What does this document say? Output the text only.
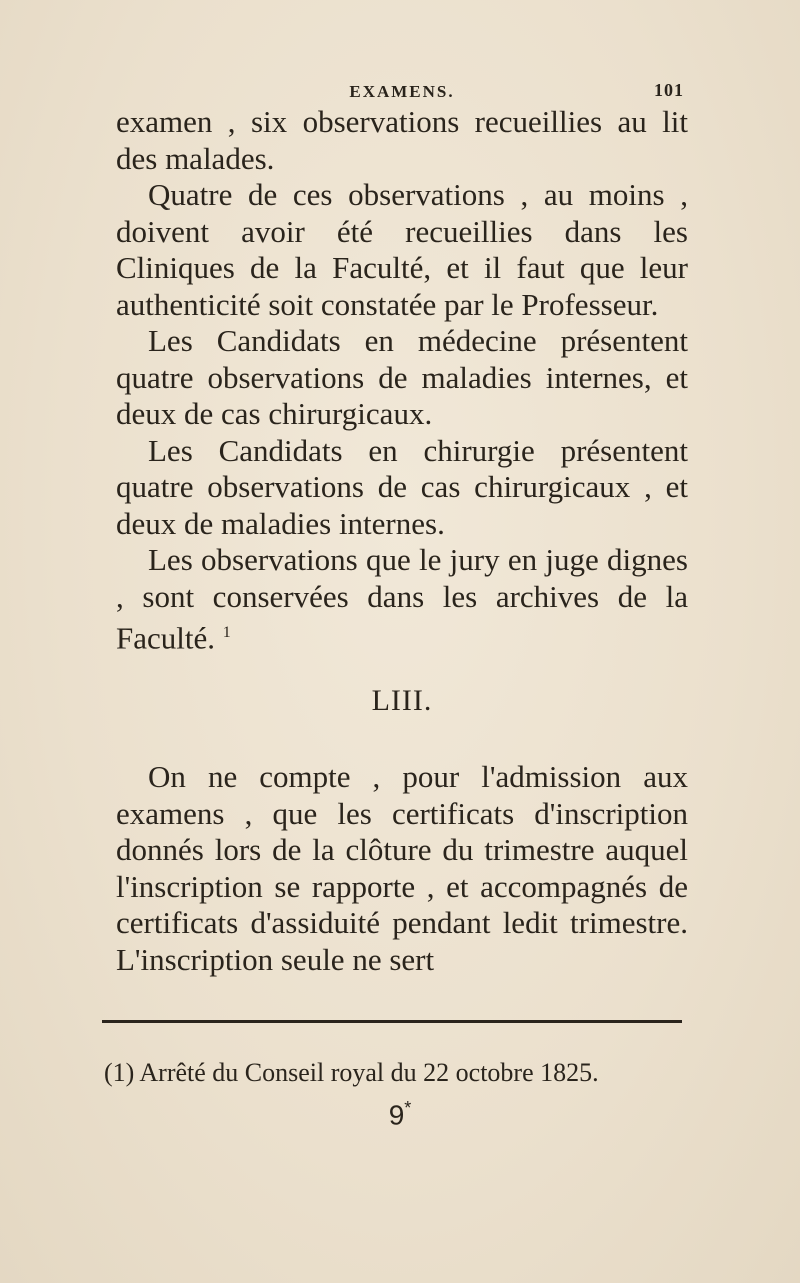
EXAMENS.	101

examen , six observations recueillies au lit des malades.

Quatre de ces observations , au moins , doivent avoir été recueillies dans les Cliniques de la Faculté, et il faut que leur authenticité soit constatée par le Professeur.

Les Candidats en médecine présentent quatre observations de maladies internes, et deux de cas chirurgicaux.

Les Candidats en chirurgie présentent quatre observations de cas chirurgicaux , et deux de maladies internes.

Les observations que le jury en juge dignes , sont conservées dans les archives de la Faculté. $^1$

LIII.

On ne compte , pour l'admission aux examens , que les certificats d'inscription donnés lors de la clôture du trimestre auquel l'inscription se rapporte , et accompagnés de certificats d'assiduité pendant ledit trimestre. L'inscription seule ne sert

(1) Arrêté du Conseil royal du 22 octobre 1825.
9*
